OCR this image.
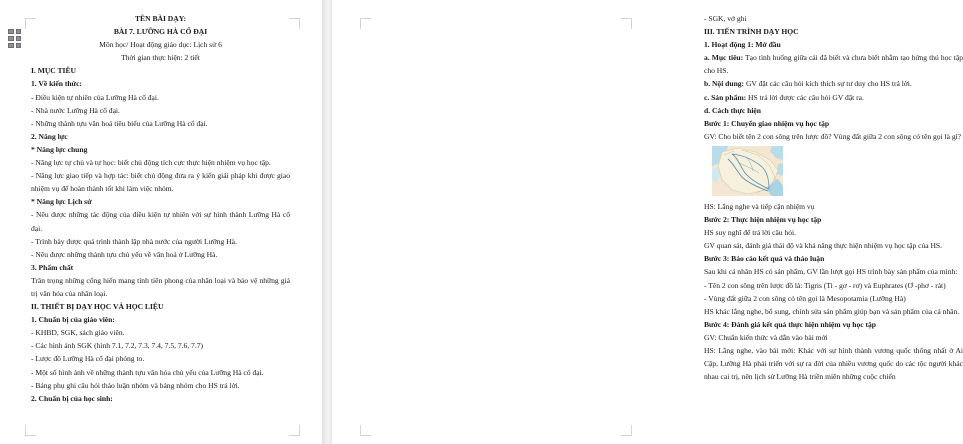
TÊN BÀI DẠY:

BÀI 7. LƯỠNG HÀ CỔ ĐẠI

Môn học/ Hoạt động giáo dục: Lịch sử 6

Thời gian thực hiện: 2 tiết

I. MỤC TIÊU

1. Về kiến thức:

- Điều kiện tự nhiên của Lưỡng Hà cổ đại.

- Nhà nước Lưỡng Hà cổ đại.

- Những thành tựu văn hoá tiêu biểu của Lưỡng Hà cổ đại.

2. Năng lực

* Năng lực chung

- Năng lực tự chủ và tự học: biết chủ động tích cực thực hiện nhiệm vụ học tập.

- Năng lực giao tiếp và hợp tác: biết chủ động đưa ra ý kiến giải pháp khi được giao nhiệm vụ để hoàn thành tốt khi làm việc nhóm.

* Năng lực Lịch sử

- Nêu được những tác động của điều kiện tự nhiên với sự hình thành Lưỡng Hà cổ đại.

- Trình bày được quá trình thành lập nhà nước của người Lưỡng Hà.

- Nêu được những thành tựu chủ yếu về văn hoá ở Lưỡng Hà.

3. Phẩm chất

Trân trọng những cống hiến mang tính tiên phong của nhân loại và bảo vệ những giá trị văn hóa của nhân loại.

II. THIẾT BỊ DẠY HỌC VÀ HỌC LIỆU

1. Chuẩn bị của giáo viên:

- KHBD, SGK, sách giáo viên.

- Các hình ảnh SGK (hình 7.1, 7.2, 7.3, 7.4, 7.5, 7.6, 7.7)

- Lược đồ Lưỡng Hà cổ đại phóng to.

- Một số hình ảnh về những thành tựu văn hóa chủ yếu của Lưỡng Hà cổ đại.

- Bảng phụ ghi câu hỏi thảo luận nhóm và bảng nhóm cho HS trả lời.

2. Chuẩn bị của học sinh:

- SGK, vở ghi

III. TIẾN TRÌNH DẠY HỌC

1. Hoạt động 1: Mở đầu

a. Mục tiêu: Tạo tình huống giữa cái đã biết và chưa biết nhằm tạo hứng thú học tập cho HS.

b. Nội dung: GV đặt các câu hỏi kích thích sự tư duy cho HS trả lời.

c. Sản phẩm: HS trả lời được các câu hỏi GV đặt ra.

d. Cách thực hiện

Bước 1: Chuyển giao nhiệm vụ học tập

GV: Cho biết tên 2 con sông trên lược đồ? Vùng đất giữa 2 con sông có tên gọi là gì?

HS: Lắng nghe và tiếp cận nhiệm vụ

Bước 2: Thực hiện nhiệm vụ học tập

HS suy nghĩ để trả lời câu hỏi.

GV quan sát, đánh giá thái độ và khả năng thực hiện nhiệm vụ học tập của HS.

Bước 3: Báo cáo kết quả và thảo luận

Sau khi cá nhân HS có sản phẩm, GV lần lượt gọi HS trình bày sản phẩm của mình:

- Tên 2 con sông trên lược đồ là: Tigris (Ti - gơ - rơ) và Euphrates (Ơ -phơ - rát)

- Vùng đất giữa 2 con sông có tên gọi là Mesopotamia (Lưỡng Hà)

HS khác lắng nghe, bổ sung, chỉnh sửa sản phẩm giúp bạn và sản phẩm của cá nhân.

Bước 4: Đánh giá kết quả thực hiện nhiệm vụ học tập

GV: Chuẩn kiến thức và dẫn vào bài mới

HS: Lắng nghe, vào bài mới: Khác với sự hình thành vương quốc thống nhất ở Ai Cập, Lưỡng Hà phải triển với sự ra đời của nhiều vương quốc do các tộc người khác nhau cai trị, nên lịch sử Lưỡng Hà triền miên những cuộc chiến
